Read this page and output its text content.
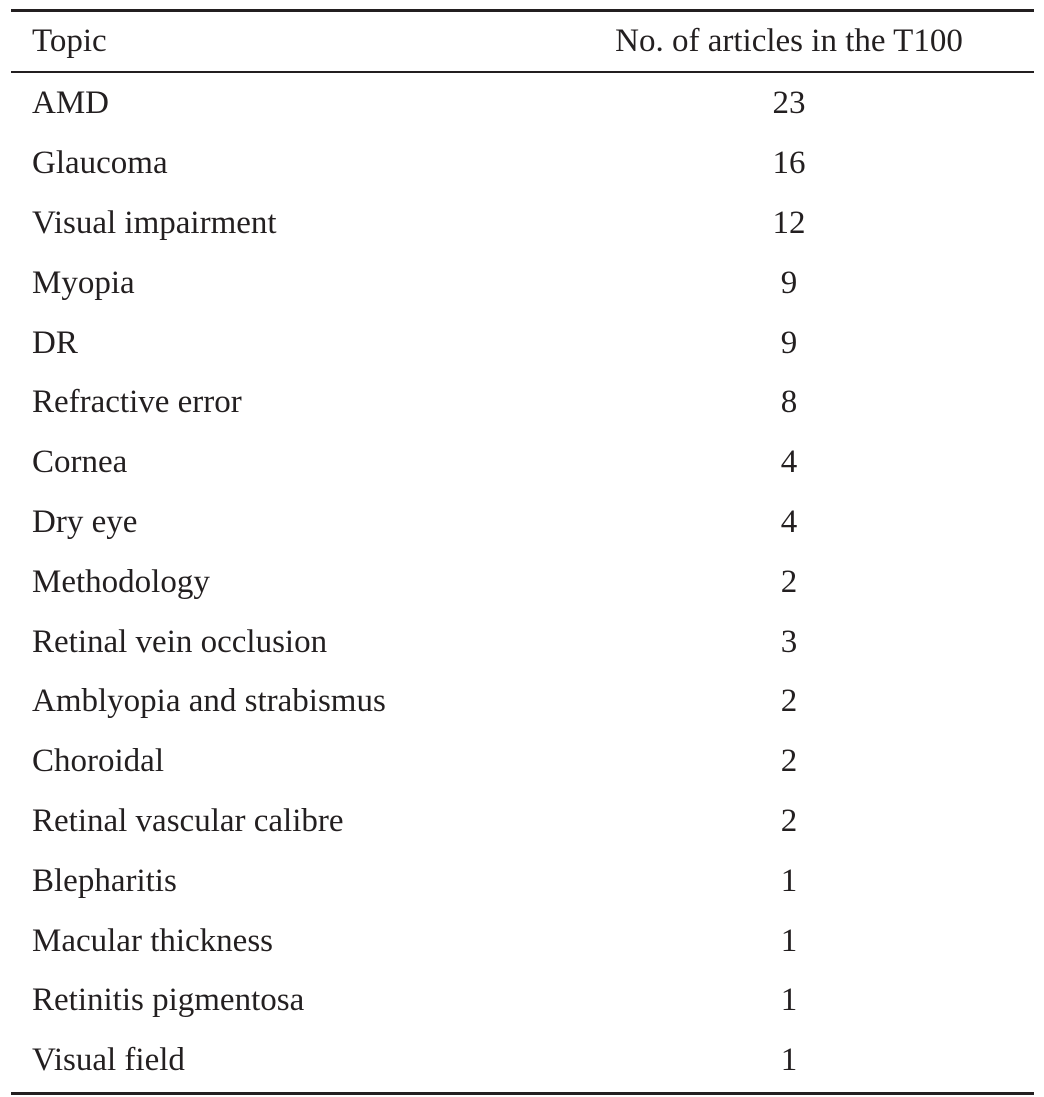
Topic	No. of articles in the T100
AMD	23
Glaucoma	16
Visual impairment	12
Myopia	9
DR	9
Refractive error	8
Cornea	4
Dry eye	4
Methodology	2
Retinal vein occlusion	3
Amblyopia and strabismus	2
Choroidal	2
Retinal vascular calibre	2
Blepharitis	1
Macular thickness	1
Retinitis pigmentosa	1
Visual field	1
